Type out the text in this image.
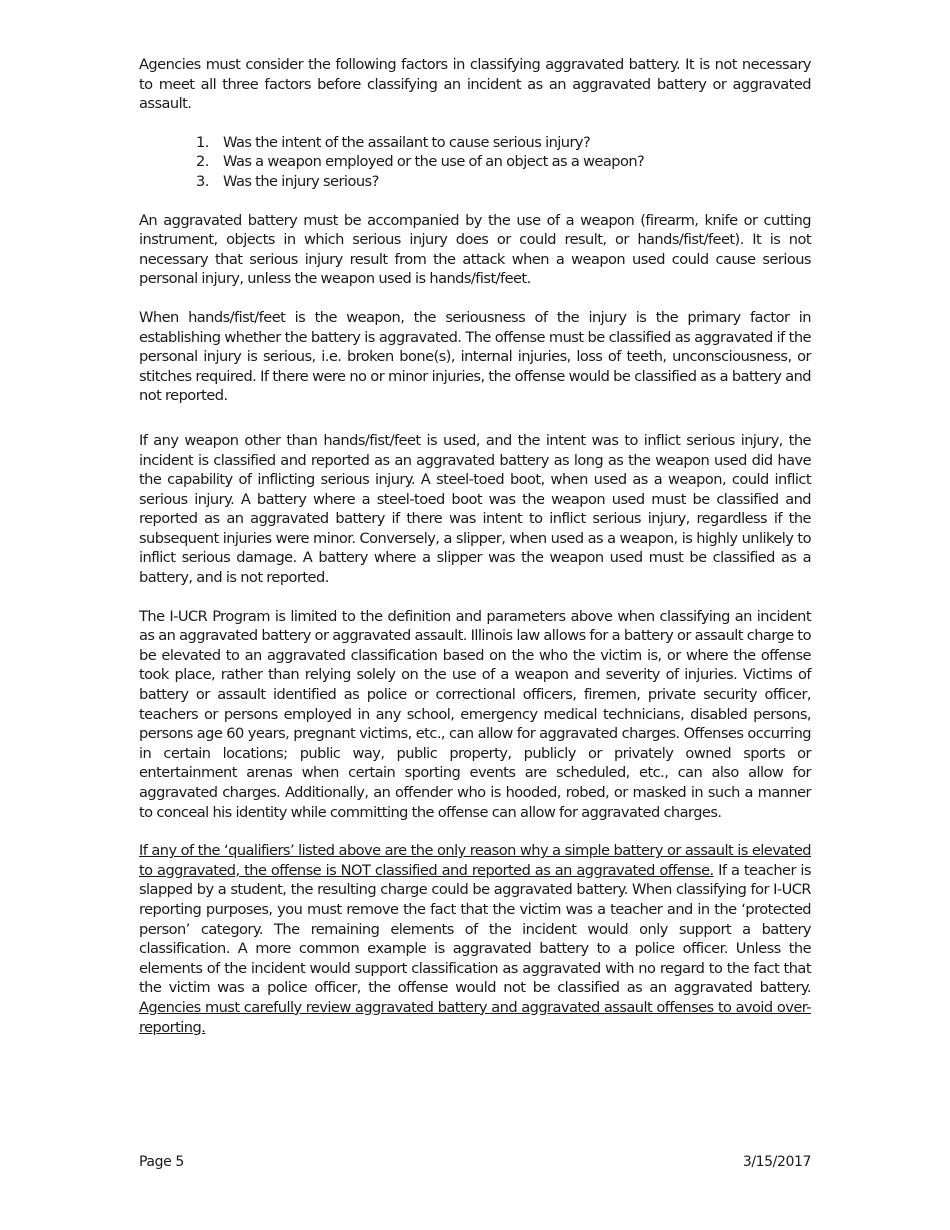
Agencies must consider the following factors in classifying aggravated battery. It is not necessary to meet all three factors before classifying an incident as an aggravated battery or aggravated assault.

1. Was the intent of the assailant to cause serious injury?
2. Was a weapon employed or the use of an object as a weapon?
3. Was the injury serious?

An aggravated battery must be accompanied by the use of a weapon (firearm, knife or cutting instrument, objects in which serious injury does or could result, or hands/fist/feet). It is not necessary that serious injury result from the attack when a weapon used could cause serious personal injury, unless the weapon used is hands/fist/feet.

When hands/fist/feet is the weapon, the seriousness of the injury is the primary factor in establishing whether the battery is aggravated. The offense must be classified as aggravated if the personal injury is serious, i.e. broken bone(s), internal injuries, loss of teeth, unconsciousness, or stitches required. If there were no or minor injuries, the offense would be classified as a battery and not reported.

If any weapon other than hands/fist/feet is used, and the intent was to inflict serious injury, the incident is classified and reported as an aggravated battery as long as the weapon used did have the capability of inflicting serious injury. A steel-toed boot, when used as a weapon, could inflict serious injury. A battery where a steel-toed boot was the weapon used must be classified and reported as an aggravated battery if there was intent to inflict serious injury, regardless if the subsequent injuries were minor. Conversely, a slipper, when used as a weapon, is highly unlikely to inflict serious damage. A battery where a slipper was the weapon used must be classified as a battery, and is not reported.

The I-UCR Program is limited to the definition and parameters above when classifying an incident as an aggravated battery or aggravated assault. Illinois law allows for a battery or assault charge to be elevated to an aggravated classification based on the who the victim is, or where the offense took place, rather than relying solely on the use of a weapon and severity of injuries. Victims of battery or assault identified as police or correctional officers, firemen, private security officer, teachers or persons employed in any school, emergency medical technicians, disabled persons, persons age 60 years, pregnant victims, etc., can allow for aggravated charges. Offenses occurring in certain locations; public way, public property, publicly or privately owned sports or entertainment arenas when certain sporting events are scheduled, etc., can also allow for aggravated charges. Additionally, an offender who is hooded, robed, or masked in such a manner to conceal his identity while committing the offense can allow for aggravated charges.

If any of the ‘qualifiers’ listed above are the only reason why a simple battery or assault is elevated to aggravated, the offense is NOT classified and reported as an aggravated offense. If a teacher is slapped by a student, the resulting charge could be aggravated battery. When classifying for I-UCR reporting purposes, you must remove the fact that the victim was a teacher and in the ‘protected person’ category. The remaining elements of the incident would only support a battery classification. A more common example is aggravated battery to a police officer. Unless the elements of the incident would support classification as aggravated with no regard to the fact that the victim was a police officer, the offense would not be classified as an aggravated battery. Agencies must carefully review aggravated battery and aggravated assault offenses to avoid over-reporting.

Page 5	3/15/2017
